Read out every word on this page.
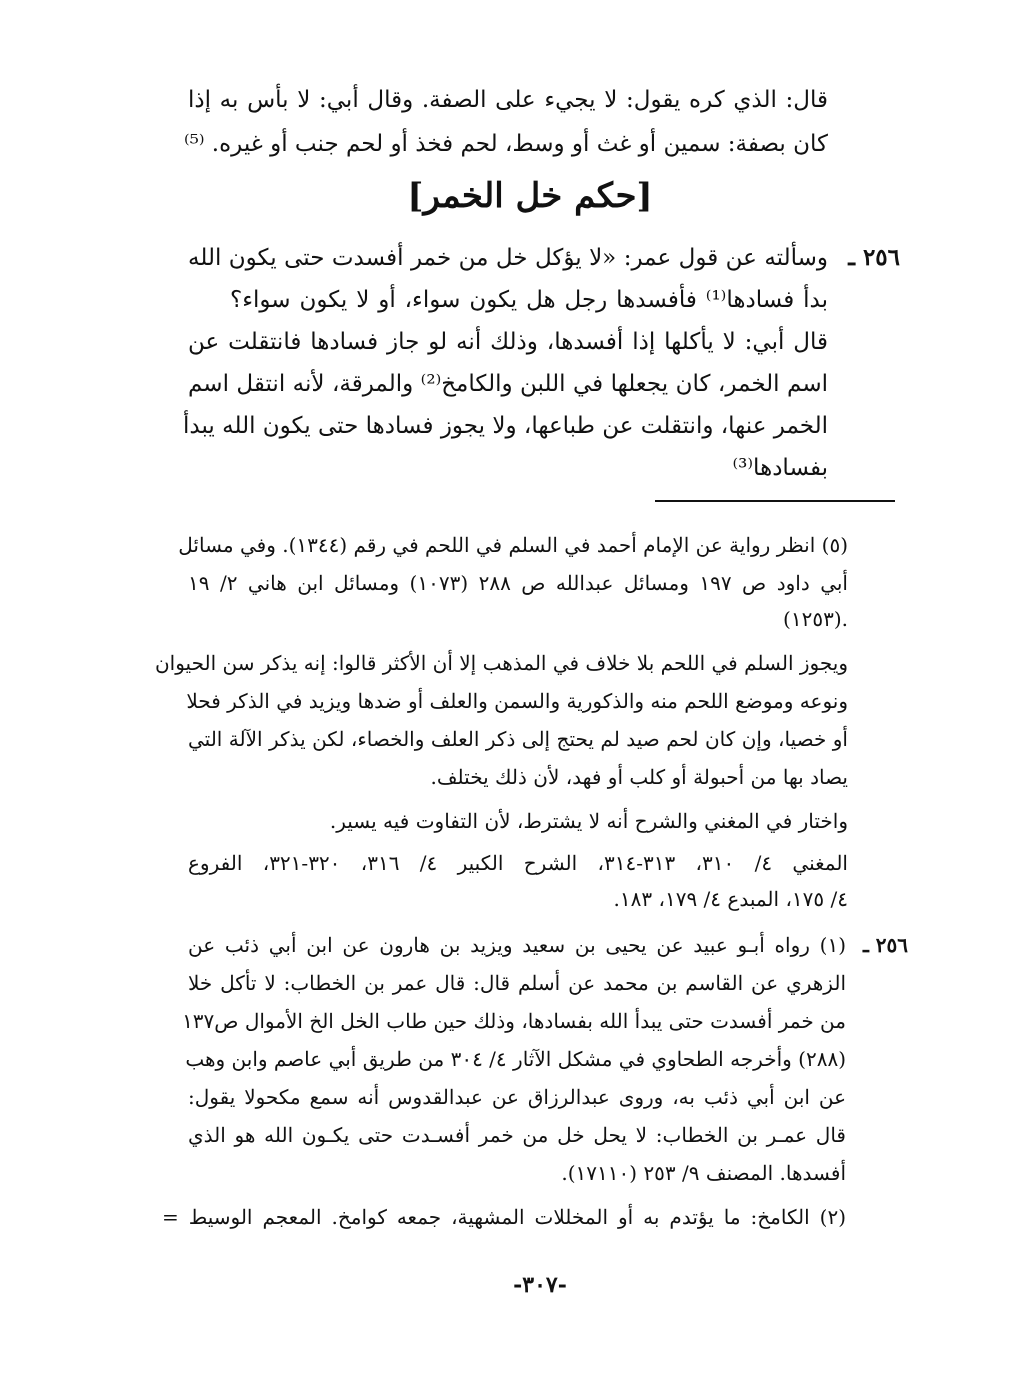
قال: الذي كره يقول: لا يجيء على الصفة. وقال أبي: لا بأس به إذا
كان بصفة: سمين أو غث أو وسط، لحم فخذ أو لحم جنب أو غيره. ⁽⁵⁾
[حكم خل الخمر]
٢٥٦ ـ
وسألته عن قول عمر: «لا يؤكل خل من خمر أفسدت حتى يكون الله
بدأ فسادها⁽¹⁾ فأفسدها رجل هل يكون سواء، أو لا يكون سواء؟
قال أبي: لا يأكلها إذا أفسدها، وذلك أنه لو جاز فسادها فانتقلت عن
اسم الخمر، كان يجعلها في اللبن والكامخ⁽²⁾ والمرقة، لأنه انتقل اسم
الخمر عنها، وانتقلت عن طباعها، ولا يجوز فسادها حتى يكون الله يبدأ
بفسادها⁽³⁾
(٥) انظر رواية عن الإمام أحمد في السلم في اللحم في رقم (١٣٤٤). وفي مسائل
أبي داود ص ١٩٧ ومسائل عبدالله ص ٢٨٨ (١٠٧٣) ومسائل ابن هاني ٢/ ١٩
(١٢٥٣).
ويجوز السلم في اللحم بلا خلاف في المذهب إلا أن الأكثر قالوا: إنه يذكر سن الحيوان
ونوعه وموضع اللحم منه والذكورية والسمن والعلف أو ضدها ويزيد في الذكر فحلا
أو خصيا، وإن كان لحم صيد لم يحتج إلى ذكر العلف والخصاء، لكن يذكر الآلة التي
يصاد بها من أحبولة أو كلب أو فهد، لأن ذلك يختلف.
واختار في المغني والشرح أنه لا يشترط، لأن التفاوت فيه يسير.
المغني ٤/ ٣١٠، ٣١٣-٣١٤، الشرح الكبير ٤/ ٣١٦، ٣٢٠-٣٢١، الفروع
٤/ ١٧٥، المبدع ٤/ ١٧٩، ١٨٣.
٢٥٦ ـ
(١) رواه أبـو عبيد عن يحيى بن سعيد ويزيد بن هارون عن ابن أبي ذئب عن
الزهري عن القاسم بن محمد عن أسلم قال: قال عمر بن الخطاب: لا تأكل خلا
من خمر أفسدت حتى يبدأ الله بفسادها، وذلك حين طاب الخل الخ الأموال ص١٣٧
(٢٨٨) وأخرجه الطحاوي في مشكل الآثار ٤/ ٣٠٤ من طريق أبي عاصم وابن وهب
عن ابن أبي ذئب به، وروى عبدالرزاق عن عبدالقدوس أنه سمع مكحولا يقول:
قال عمـر بن الخطاب: لا يحل خل من خمر أفسـدت حتى يكـون الله هو الذي
أفسدها. المصنف ٩/ ٢٥٣ (١٧١١٠).
(٢) الكامخ: ما يؤتدم به أو المخللات المشهية، جمعه كوامخ. المعجم الوسيط =
-٣٠٧-
